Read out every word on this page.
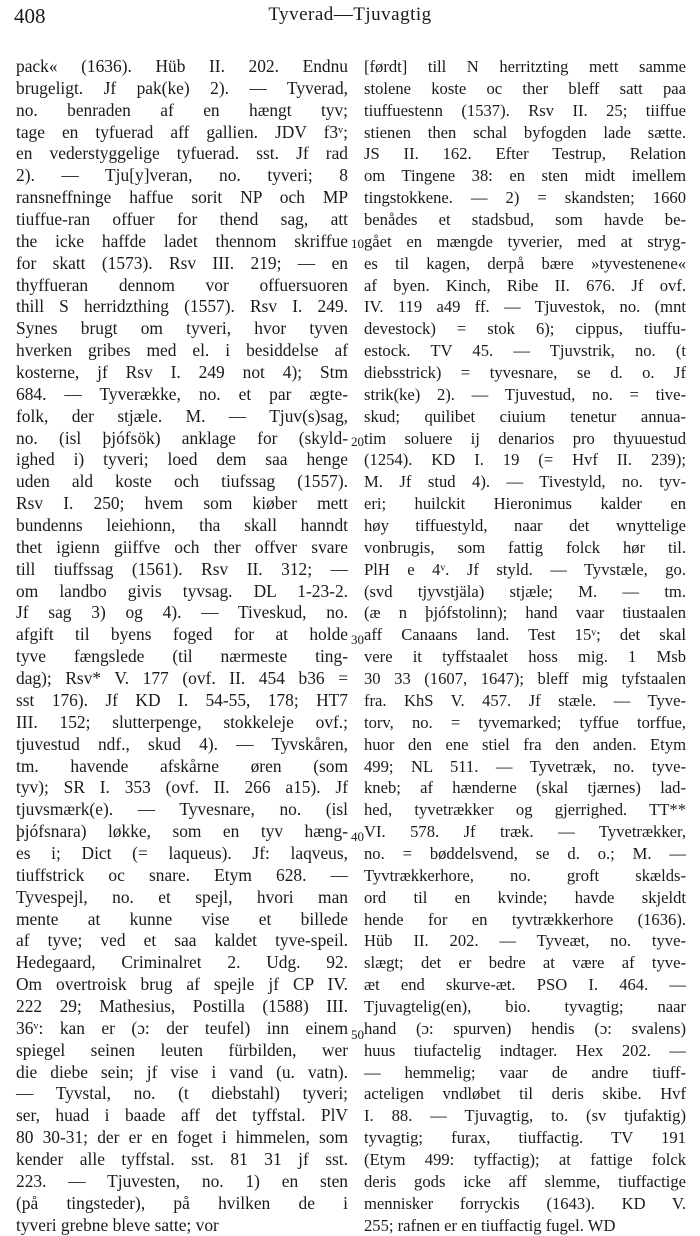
408	Tyverad—Tjuvagtig
pack« (1636). Hüb II. 202. Endnu
brugeligt. Jf pak(ke) 2). — Tyverad,
no. benraden af en hængt tyv;
tage en tyfuerad aff gallien. JDV f3ᵛ;
en vederstyggelige tyfuerad. sst. Jf rad
2). — Tju[y]veran, no. tyveri; 8
ransneffninge haffue sorit NP och MP
tiuffue-ran offuer for thend sag, att
the icke haffde ladet thennom skriffue
for skatt (1573). Rsv III. 219; — en
thyffueran dennom vor offuersuoren
thill S herridzthing (1557). Rsv I. 249.
Synes brugt om tyveri, hvor tyven
hverken gribes med el. i besiddelse af
kosterne, jf Rsv I. 249 not 4); Stm
684. — Tyverække, no. et par ægte-
folk, der stjæle. M. — Tjuv(s)sag,
no. (isl þjófsök) anklage for (skyld-
ighed i) tyveri; loed dem saa henge
uden ald koste och tiufssag (1557).
Rsv I. 250; hvem som kiøber mett
bundenns leiehionn, tha skall hanndt
thet igienn giiffve och ther offver svare
till tiuffssag (1561). Rsv II. 312; —
om landbo givis tyvsag. DL 1-23-2.
Jf sag 3) og 4). — Tiveskud, no.
afgift til byens foged for at holde
tyve fængslede (til nærmeste ting-
dag); Rsv* V. 177 (ovf. II. 454 b36 =
sst 176). Jf KD I. 54-55, 178; HT7
III. 152; slutterpenge, stokkeleje ovf.;
tjuvestud ndf., skud 4). — Tyvskåren,
tm. havende afskårne øren (som
tyv); SR I. 353 (ovf. II. 266 a15). Jf
tjuvsmærk(e). — Tyvesnare, no. (isl
þjófsnara) løkke, som en tyv hæng-
es i; Dict (= laqueus). Jf: laqveus,
tiuffstrick oc snare. Etym 628. —
Tyvespejl, no. et spejl, hvori man
mente at kunne vise et billede
af tyve; ved et saa kaldet tyve-speil.
Hedegaard, Criminalret 2. Udg. 92.
Om overtroisk brug af spejle jf CP IV.
222 29; Mathesius, Postilla (1588) III.
36ᵛ: kan er (ɔ: der teufel) inn einem
spiegel seinen leuten fürbilden, wer
die diebe sein; jf vise i vand (u. vatn).
— Tyvstal, no. (t diebstahl) tyveri;
ser, huad i baade aff det tyffstal. PlV
80 30-31; der er en foget i himmelen, som
kender alle tyffstal. sst. 81 31 jf sst.
223. — Tjuvesten, no. 1) en sten
(på tingsteder), på hvilken de i
tyveri grebne bleve satte; vor
[førdt] till N herritzting mett samme
stolene koste oc ther bleff satt paa
tiuffuestenn (1537). Rsv II. 25; tiiffue
stienen then schal byfogden lade sætte.
JS II. 162. Efter Testrup, Relation
om Tingene 38: en sten midt imellem
tingstokkene. — 2) = skandsten; 1660
benådes et stadsbud, som havde be-
gået en mængde tyverier, med at stryg-
es til kagen, derpå bære »tyvestenene«
af byen. Kinch, Ribe II. 676. Jf ovf.
IV. 119 a49 ff. — Tjuvestok, no. (mnt
devestock) = stok 6); cippus, tiuffu-
estock. TV 45. — Tjuvstrik, no. (t
diebsstrick) = tyvesnare, se d. o. Jf
strik(ke) 2). — Tjuvestud, no. = tive-
skud; quilibet ciuium tenetur annua-
tim soluere ij denarios pro thyuuestud
(1254). KD I. 19 (= Hvf II. 239);
M. Jf stud 4). — Tivestyld, no. tyv-
eri; huilckit Hieronimus kalder en
høy tiffuestyld, naar det wnyttelige
vonbrugis, som fattig folck hør til.
PlH e 4ᵛ. Jf styld. — Tyvstæle, go.
(svd tjyvstjäla) stjæle; M. — tm.
(æ n þjófstolinn); hand vaar tiustaalen
aff Canaans land. Test 15ᵛ; det skal
vere it tyffstaalet hoss mig. 1 Msb
30 33 (1607, 1647); bleff mig tyfstaalen
fra. KhS V. 457. Jf stæle. — Tyve-
torv, no. = tyvemarked; tyffue torffue,
huor den ene stiel fra den anden. Etym
499; NL 511. — Tyvetræk, no. tyve-
kneb; af hænderne (skal tjærnes) lad-
hed, tyvetrækker og gjerrighed. TT**
VI. 578. Jf træk. — Tyvetrækker,
no. = bøddelsvend, se d. o.; M. —
Tyvtrækkerhore, no. groft skælds-
ord til en kvinde; havde skjeldt
hende for en tyvtrækkerhore (1636).
Hüb II. 202. — Tyveæt, no. tyve-
slægt; det er bedre at være af tyve-
æt end skurve-æt. PSO I. 464. —
Tjuvagtelig(en), bio. tyvagtig; naar
hand (ɔ: spurven) hendis (ɔ: svalens)
huus tiufactelig indtager. Hex 202. —
— hemmelig; vaar de andre tiuff-
acteligen vndløbet til deris skibe. Hvf
I. 88. — Tjuvagtig, to. (sv tjufaktig)
tyvagtig; furax, tiuffactig. TV 191
(Etym 499: tyffactig); at fattige folck
deris gods icke aff slemme, tiuffactige
mennisker forryckis (1643). KD V.
255; rafnen er en tiuffactig fugel. WD
10
20
30
40
50
